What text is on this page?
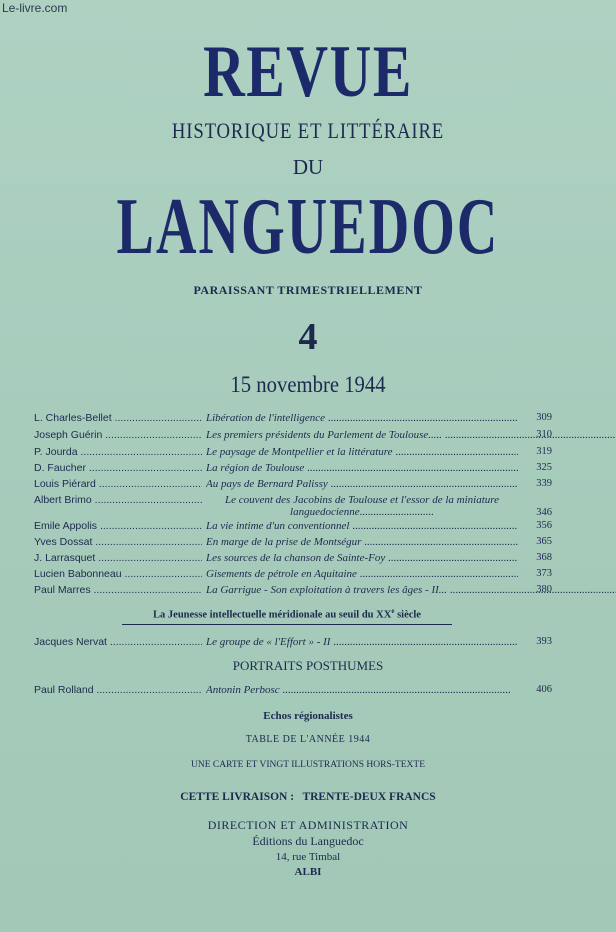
Le-livre.com
REVUE
HISTORIQUE ET LITTÉRAIRE
DU
LANGUEDOC
PARAISSANT TRIMESTRIELLEMENT
4
15 novembre 1944
L. Charles-Bellet .....	Libération de l'intelligence .....	309
Joseph Guérin .....	Les premiers présidents du Parlement de Toulouse..... .....	310
P. Jourda .....	Le paysage de Montpellier et la littérature .....	319
D. Faucher .....	La région de Toulouse .....	325
Louis Piérard .....	Au pays de Bernard Palissy .....	339
Albert Brimo .....	Le couvent des Jacobins de Toulouse et l'essor de la miniature languedocienne...........................	346
Emile Appolis .....	La vie intime d'un conventionnel .....	356
Yves Dossat .....	En marge de la prise de Montségur .....	365
J. Larrasquet .....	Les sources de la chanson de Sainte-Foy .....	368
Lucien Babonneau .....	Gisements de pétrole en Aquitaine .....	373
Paul Marres .....	La Garrigue - Son exploitation à travers les âges - II... .....	380
La Jeunesse intellectuelle méridionale au seuil du XXe siècle
Jacques Nervat .....	Le groupe de « l'Effort » - II .....	393
PORTRAITS POSTHUMES
Paul Rolland .....	Antonin Perbosc .....	406
Echos régionalistes
TABLE DE L'ANNÉE 1944
UNE CARTE ET VINGT ILLUSTRATIONS HORS-TEXTE
CETTE LIVRAISON :   TRENTE-DEUX FRANCS
DIRECTION ET ADMINISTRATION
Éditions du Languedoc
14, rue Timbal
ALBI
